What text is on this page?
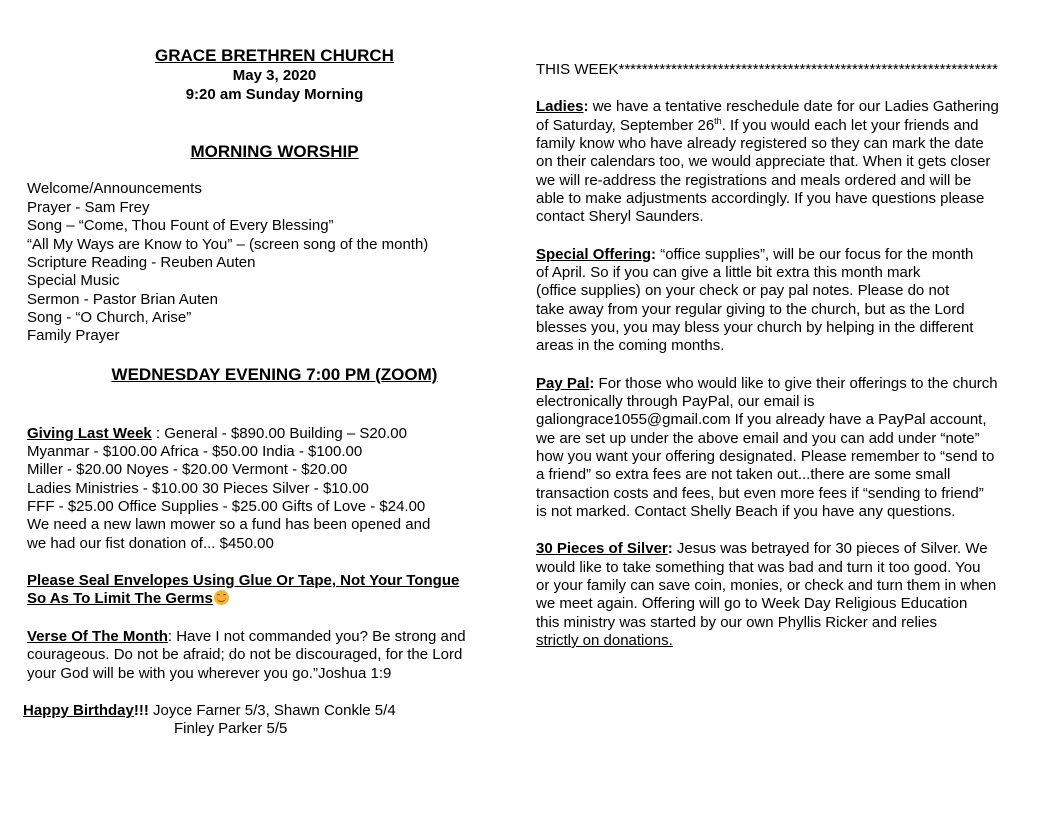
GRACE BRETHREN CHURCH
May 3, 2020
9:20 am Sunday Morning
MORNING WORSHIP
Welcome/Announcements
Prayer - Sam Frey
Song – “Come, Thou Fount of Every Blessing”
“All My Ways are Know to You” – (screen song of the month)
Scripture Reading - Reuben Auten
Special Music
Sermon - Pastor Brian Auten
Song - “O Church, Arise”
Family Prayer
WEDNESDAY EVENING 7:00 PM (ZOOM)
Giving Last Week : General - $890.00 Building – S20.00
Myanmar - $100.00 Africa - $50.00 India - $100.00
Miller - $20.00 Noyes - $20.00 Vermont - $20.00
Ladies Ministries - $10.00 30 Pieces Silver - $10.00
FFF - $25.00 Office Supplies - $25.00 Gifts of Love - $24.00
We need a new lawn mower so a fund has been opened and
we had our fist donation of... $450.00
Please Seal Envelopes Using Glue Or Tape, Not Your Tongue
So As To Limit The Germs
Verse Of The Month: Have I not commanded you? Be strong and
courageous. Do not be afraid; do not be discouraged, for the Lord
your God will be with you wherever you go.”Joshua 1:9
Happy Birthday!!! Joyce Farner 5/3, Shawn Conkle 5/4
Finley Parker 5/5
THIS WEEK*****************************************************************
Ladies: we have a tentative reschedule date for our Ladies Gathering
of Saturday, September 26th. If you would each let your friends and
family know who have already registered so they can mark the date
on their calendars too, we would appreciate that. When it gets closer
we will re-address the registrations and meals ordered and will be
able to make adjustments accordingly. If you have questions please
contact Sheryl Saunders.
Special Offering: “office supplies”, will be our focus for the month
of April. So if you can give a little bit extra this month mark
(office supplies) on your check or pay pal notes. Please do not
take away from your regular giving to the church, but as the Lord
blesses you, you may bless your church by helping in the different
areas in the coming months.
Pay Pal: For those who would like to give their offerings to the church
electronically through PayPal, our email is
galiongrace1055@gmail.com If you already have a PayPal account,
we are set up under the above email and you can add under “note”
how you want your offering designated. Please remember to “send to
a friend” so extra fees are not taken out...there are some small
transaction costs and fees, but even more fees if “sending to friend”
is not marked. Contact Shelly Beach if you have any questions.
30 Pieces of Silver: Jesus was betrayed for 30 pieces of Silver. We
would like to take something that was bad and turn it too good. You
or your family can save coin, monies, or check and turn them in when
we meet again. Offering will go to Week Day Religious Education
this ministry was started by our own Phyllis Ricker and relies
strictly on donations.
